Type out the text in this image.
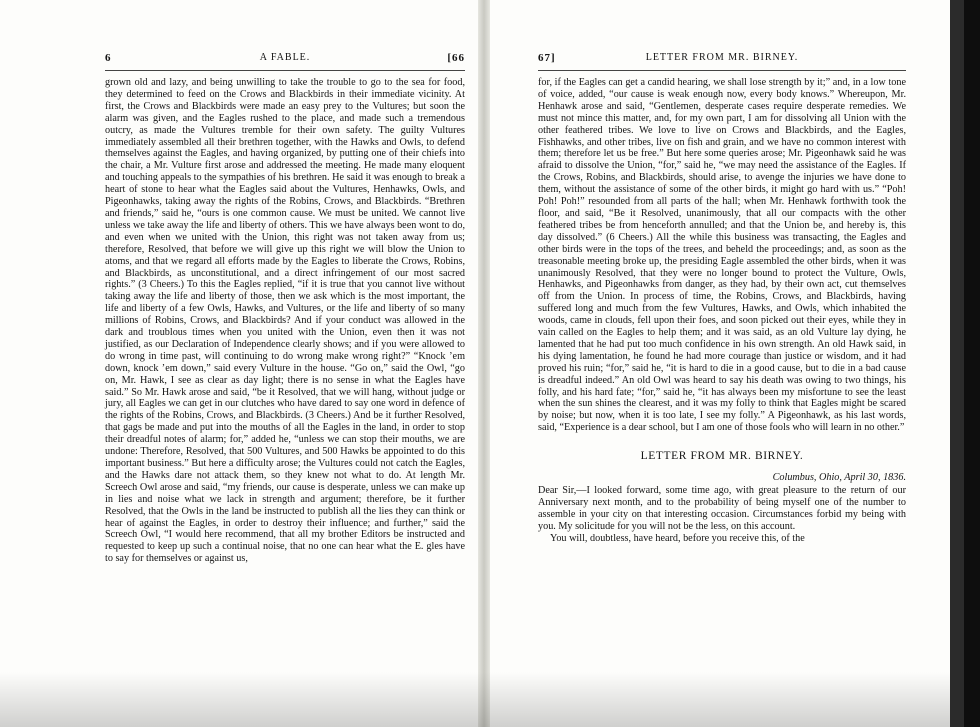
6	A FABLE.	[66

grown old and lazy, and being unwilling to take the trouble to go to the sea for food, they determined to feed on the Crows and Blackbirds in their immediate vicinity. At first, the Crows and Blackbirds were made an easy prey to the Vultures; but soon the alarm was given, and the Eagles rushed to the place, and made such a tremendous outcry, as made the Vultures tremble for their own safety. The guilty Vultures immediately assembled all their brethren together, with the Hawks and Owls, to defend themselves against the Eagles, and having organized, by putting one of their chiefs into the chair, a Mr. Vulture first arose and addressed the meeting. He made many eloquent and touching appeals to the sympathies of his brethren. He said it was enough to break a heart of stone to hear what the Eagles said about the Vultures, Henhawks, Owls, and Pigeonhawks, taking away the rights of the Robins, Crows, and Blackbirds. “Brethren and friends,” said he, “ours is one common cause. We must be united. We cannot live unless we take away the life and liberty of others. This we have always been wont to do, and even when we united with the Union, this right was not taken away from us; therefore, Resolved, that before we will give up this right we will blow the Union to atoms, and that we regard all efforts made by the Eagles to liberate the Crows, Robins, and Blackbirds, as unconstitutional, and a direct infringement of our most sacred rights.” (3 Cheers.) To this the Eagles replied, “if it is true that you cannot live without taking away the life and liberty of those, then we ask which is the most important, the life and liberty of a few Owls, Hawks, and Vultures, or the life and liberty of so many millions of Robins, Crows, and Blackbirds? And if your conduct was allowed in the dark and troublous times when you united with the Union, even then it was not justified, as our Declaration of Independence clearly shows; and if you were allowed to do wrong in time past, will continuing to do wrong make wrong right?” “Knock ’em down, knock ’em down,” said every Vulture in the house. “Go on,” said the Owl, “go on, Mr. Hawk, I see as clear as day light; there is no sense in what the Eagles have said.” So Mr. Hawk arose and said, “be it Resolved, that we will hang, without judge or jury, all Eagles we can get in our clutches who have dared to say one word in defence of the rights of the Robins, Crows, and Blackbirds. (3 Cheers.) And be it further Resolved, that gags be made and put into the mouths of all the Eagles in the land, in order to stop their dreadful notes of alarm; for,” added he, “unless we can stop their mouths, we are undone: Therefore, Resolved, that 500 Vultures, and 500 Hawks be appointed to do this important business.” But here a difficulty arose; the Vultures could not catch the Eagles, and the Hawks dare not attack them, so they knew not what to do. At length Mr. Screech Owl arose and said, “my friends, our cause is desperate, unless we can make up in lies and noise what we lack in strength and argument; therefore, be it further Resolved, that the Owls in the land be instructed to publish all the lies they can think or hear of against the Eagles, in order to destroy their influence; and further,” said the Screech Owl, “I would here recommend, that all my brother Editors be instructed and requested to keep up such a continual noise, that no one can hear what the E. gles have to say for themselves or against us,

67]	LETTER FROM MR. BIRNEY.

for, if the Eagles can get a candid hearing, we shall lose strength by it;” and, in a low tone of voice, added, “our cause is weak enough now, every body knows.” Whereupon, Mr. Henhawk arose and said, “Gentlemen, desperate cases require desperate remedies. We must not mince this matter, and, for my own part, I am for dissolving all Union with the other feathered tribes. We love to live on Crows and Blackbirds, and the Eagles, Fishhawks, and other tribes, live on fish and grain, and we have no common interest with them; therefore let us be free.” But here some queries arose; Mr. Pigeonhawk said he was afraid to dissolve the Union, “for,” said he, “we may need the assistance of the Eagles. If the Crows, Robins, and Blackbirds, should arise, to avenge the injuries we have done to them, without the assistance of some of the other birds, it might go hard with us.” “Poh! Poh! Poh!” resounded from all parts of the hall; when Mr. Henhawk forthwith took the floor, and said, “Be it Resolved, unanimously, that all our compacts with the other feathered tribes be from henceforth annulled; and that the Union be, and hereby is, this day dissolved.” (6 Cheers.) All the while this business was transacting, the Eagles and other birds were in the tops of the trees, and beheld the proceedings; and, as soon as the treasonable meeting broke up, the presiding Eagle assembled the other birds, when it was unanimously Resolved, that they were no longer bound to protect the Vulture, Owls, Henhawks, and Pigeonhawks from danger, as they had, by their own act, cut themselves off from the Union. In process of time, the Robins, Crows, and Blackbirds, having suffered long and much from the few Vultures, Hawks, and Owls, which inhabited the woods, came in clouds, fell upon their foes, and soon picked out their eyes, while they in vain called on the Eagles to help them; and it was said, as an old Vulture lay dying, he lamented that he had put too much confidence in his own strength. An old Hawk said, in his dying lamentation, he found he had more courage than justice or wisdom, and it had proved his ruin; “for,” said he, “it is hard to die in a good cause, but to die in a bad cause is dreadful indeed.” An old Owl was heard to say his death was owing to two things, his folly, and his hard fate; “for,” said he, “it has always been my misfortune to see the least when the sun shines the clearest, and it was my folly to think that Eagles might be scared by noise; but now, when it is too late, I see my folly.” A Pigeonhawk, as his last words, said, “Experience is a dear school, but I am one of those fools who will learn in no other.”

LETTER FROM MR. BIRNEY.

Columbus, Ohio, April 30, 1836.

Dear Sir,—I looked forward, some time ago, with great pleasure to the return of our Anniversary next month, and to the probability of being myself one of the number to assemble in your city on that interesting occasion. Circumstances forbid my being with you. My solicitude for you will not be the less, on this account.

You will, doubtless, have heard, before you receive this, of the
